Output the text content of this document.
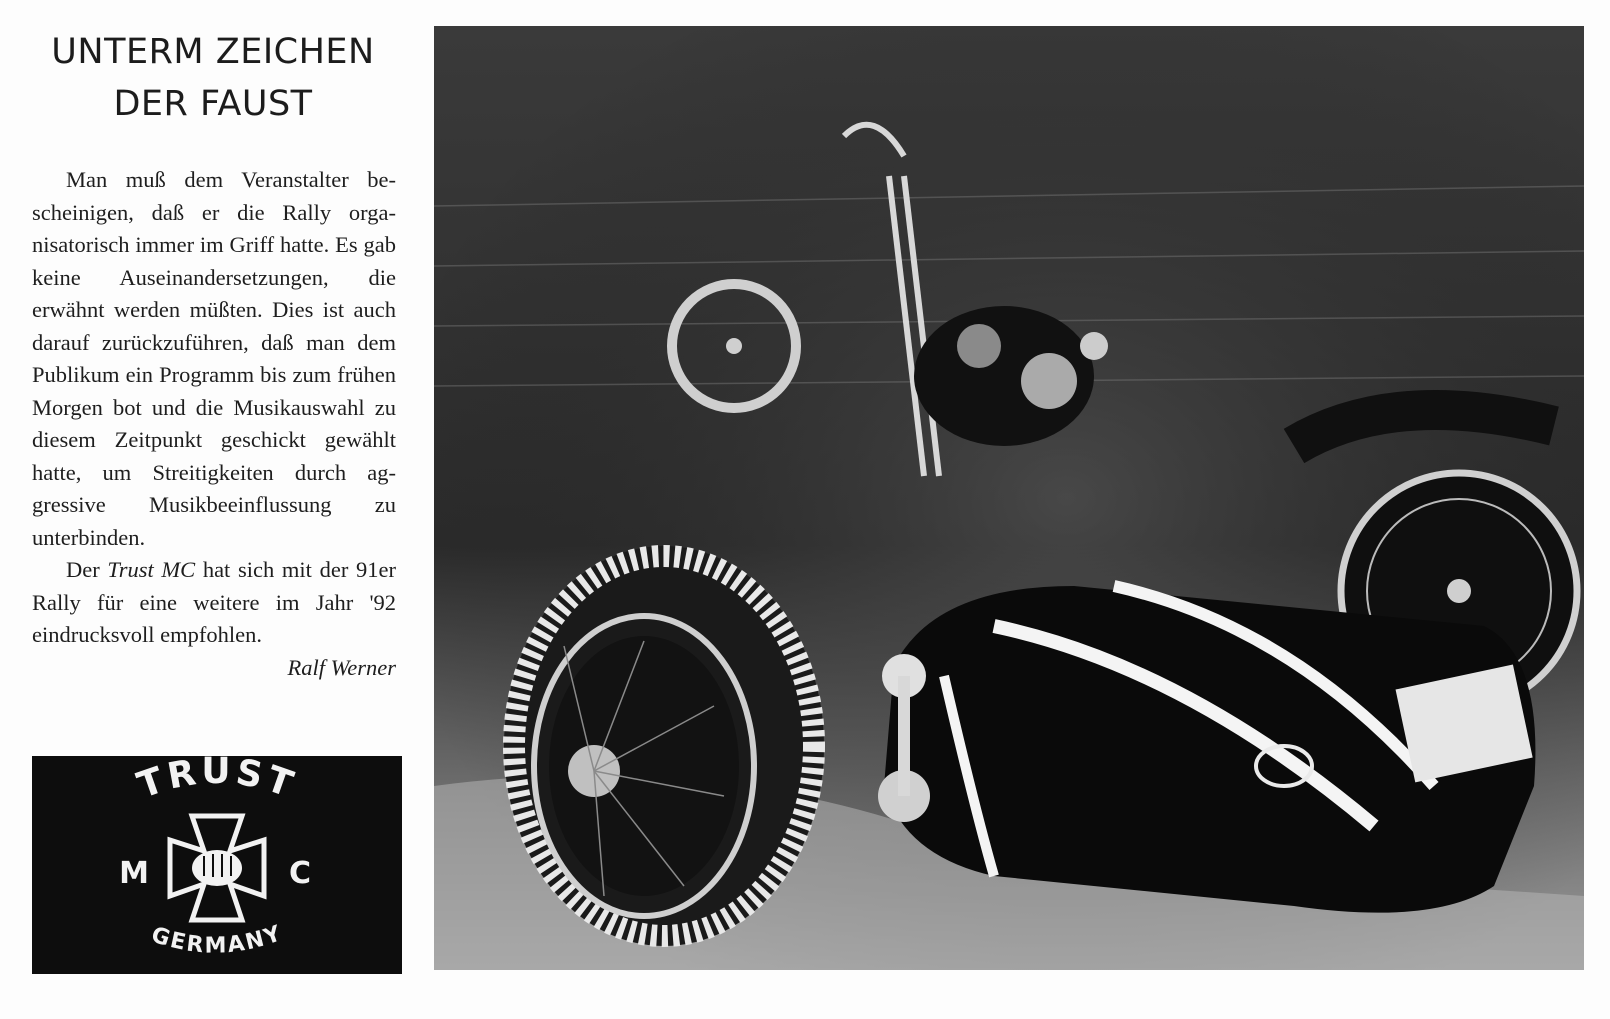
UNTERM ZEICHEN
DER FAUST

Man muß dem Veranstalter bescheinigen, daß er die Rally organisatorisch immer im Griff hatte. Es gab keine Auseinandersetzungen, die erwähnt werden müßten. Dies ist auch darauf zurückzuführen, daß man dem Publikum ein Programm bis zum frühen Morgen bot und die Musikauswahl zu diesem Zeitpunkt geschickt gewählt hatte, um Streitigkeiten durch aggressive Musikbeeinflussung zu unterbinden.

Der Trust MC hat sich mit der 91er Rally für eine weitere im Jahr '92 eindrucksvoll empfohlen.

Ralf Werner

TRUST
M	C
GERMANY
